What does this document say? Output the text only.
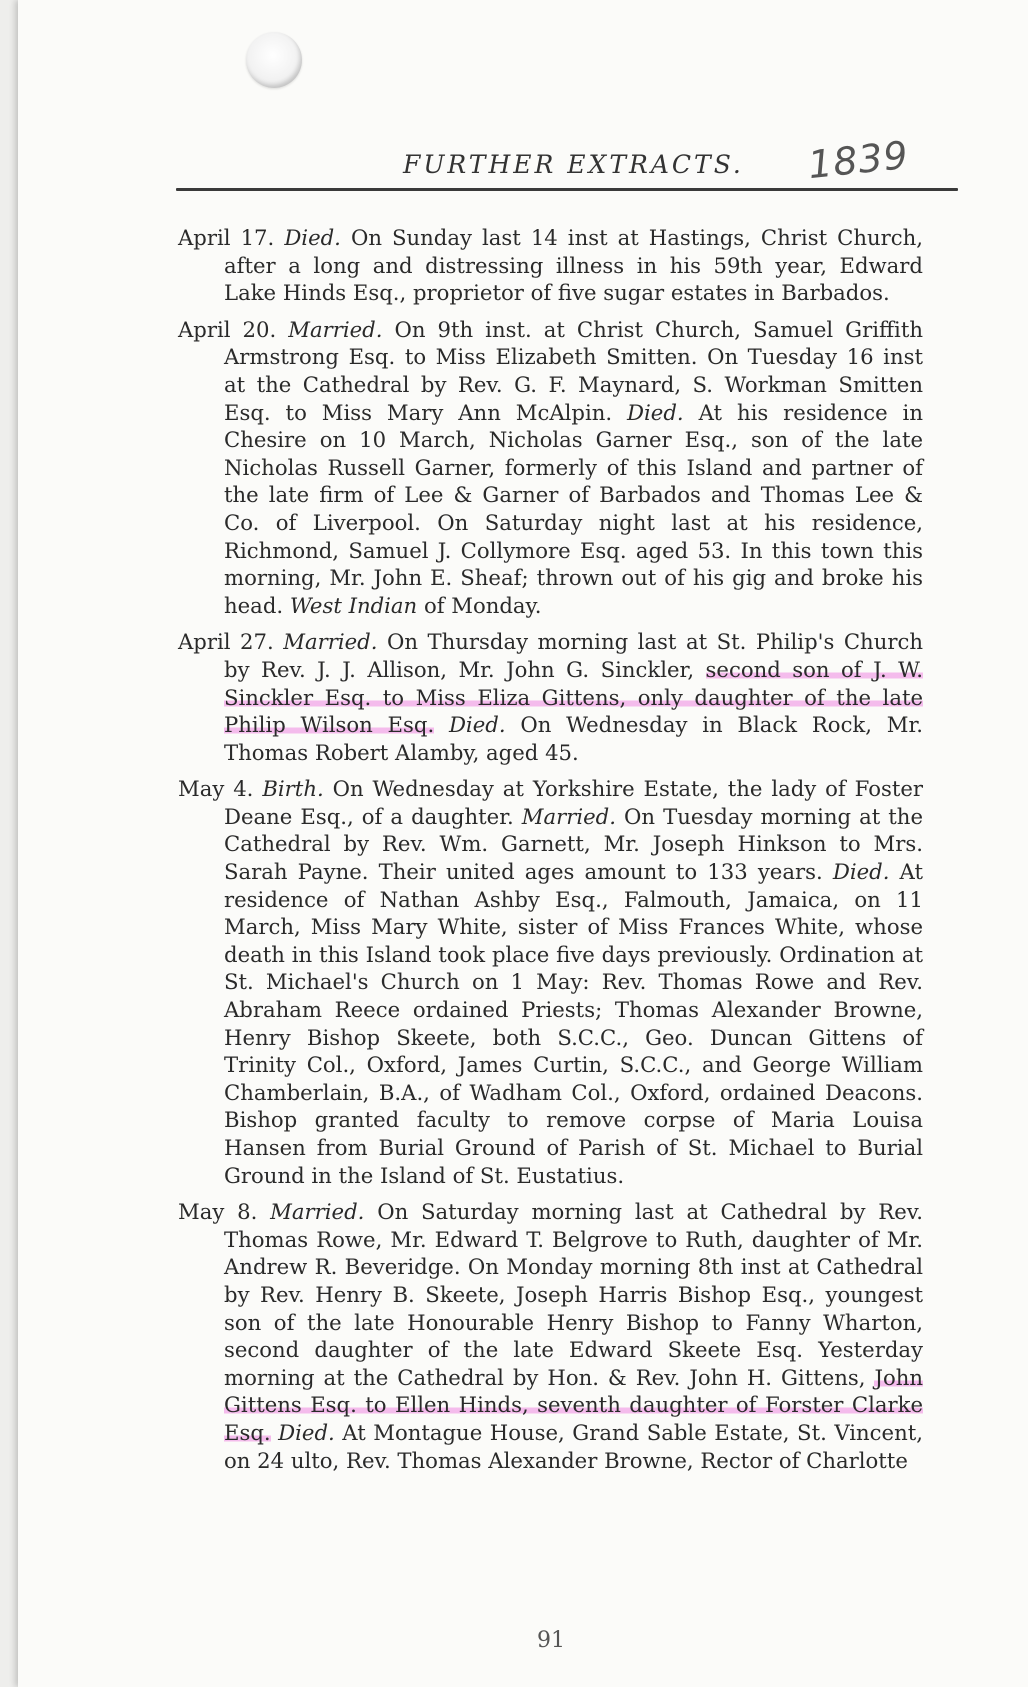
FURTHER EXTRACTS. 1839

April 17. Died. On Sunday last 14 inst at Hastings, Christ Church, after a long and distressing illness in his 59th year, Edward Lake Hinds Esq., proprietor of five sugar estates in Barbados.

April 20. Married. On 9th inst. at Christ Church, Samuel Griffith Armstrong Esq. to Miss Elizabeth Smitten. On Tuesday 16 inst at the Cathedral by Rev. G. F. Maynard, S. Workman Smitten Esq. to Miss Mary Ann McAlpin. Died. At his residence in Chesire on 10 March, Nicholas Garner Esq., son of the late Nicholas Russell Garner, formerly of this Island and partner of the late firm of Lee & Garner of Barbados and Thomas Lee & Co. of Liverpool. On Saturday night last at his residence, Richmond, Samuel J. Collymore Esq. aged 53. In this town this morning, Mr. John E. Sheaf; thrown out of his gig and broke his head. West Indian of Monday.

April 27. Married. On Thursday morning last at St. Philip's Church by Rev. J. J. Allison, Mr. John G. Sinckler, second son of J. W. Sinckler Esq. to Miss Eliza Gittens, only daughter of the late Philip Wilson Esq. Died. On Wednesday in Black Rock, Mr. Thomas Robert Alamby, aged 45.

May 4. Birth. On Wednesday at Yorkshire Estate, the lady of Foster Deane Esq., of a daughter. Married. On Tuesday morning at the Cathedral by Rev. Wm. Garnett, Mr. Joseph Hinkson to Mrs. Sarah Payne. Their united ages amount to 133 years. Died. At residence of Nathan Ashby Esq., Falmouth, Jamaica, on 11 March, Miss Mary White, sister of Miss Frances White, whose death in this Island took place five days previously. Ordination at St. Michael's Church on 1 May: Rev. Thomas Rowe and Rev. Abraham Reece ordained Priests; Thomas Alexander Browne, Henry Bishop Skeete, both S.C.C., Geo. Duncan Gittens of Trinity Col., Oxford, James Curtin, S.C.C., and George William Chamberlain, B.A., of Wadham Col., Oxford, ordained Deacons. Bishop granted faculty to remove corpse of Maria Louisa Hansen from Burial Ground of Parish of St. Michael to Burial Ground in the Island of St. Eustatius.

May 8. Married. On Saturday morning last at Cathedral by Rev. Thomas Rowe, Mr. Edward T. Belgrove to Ruth, daughter of Mr. Andrew R. Beveridge. On Monday morning 8th inst at Cathedral by Rev. Henry B. Skeete, Joseph Harris Bishop Esq., youngest son of the late Honourable Henry Bishop to Fanny Wharton, second daughter of the late Edward Skeete Esq. Yesterday morning at the Cathedral by Hon. & Rev. John H. Gittens, John Gittens Esq. to Ellen Hinds, seventh daughter of Forster Clarke Esq. Died. At Montague House, Grand Sable Estate, St. Vincent, on 24 ulto, Rev. Thomas Alexander Browne, Rector of Charlotte

91
